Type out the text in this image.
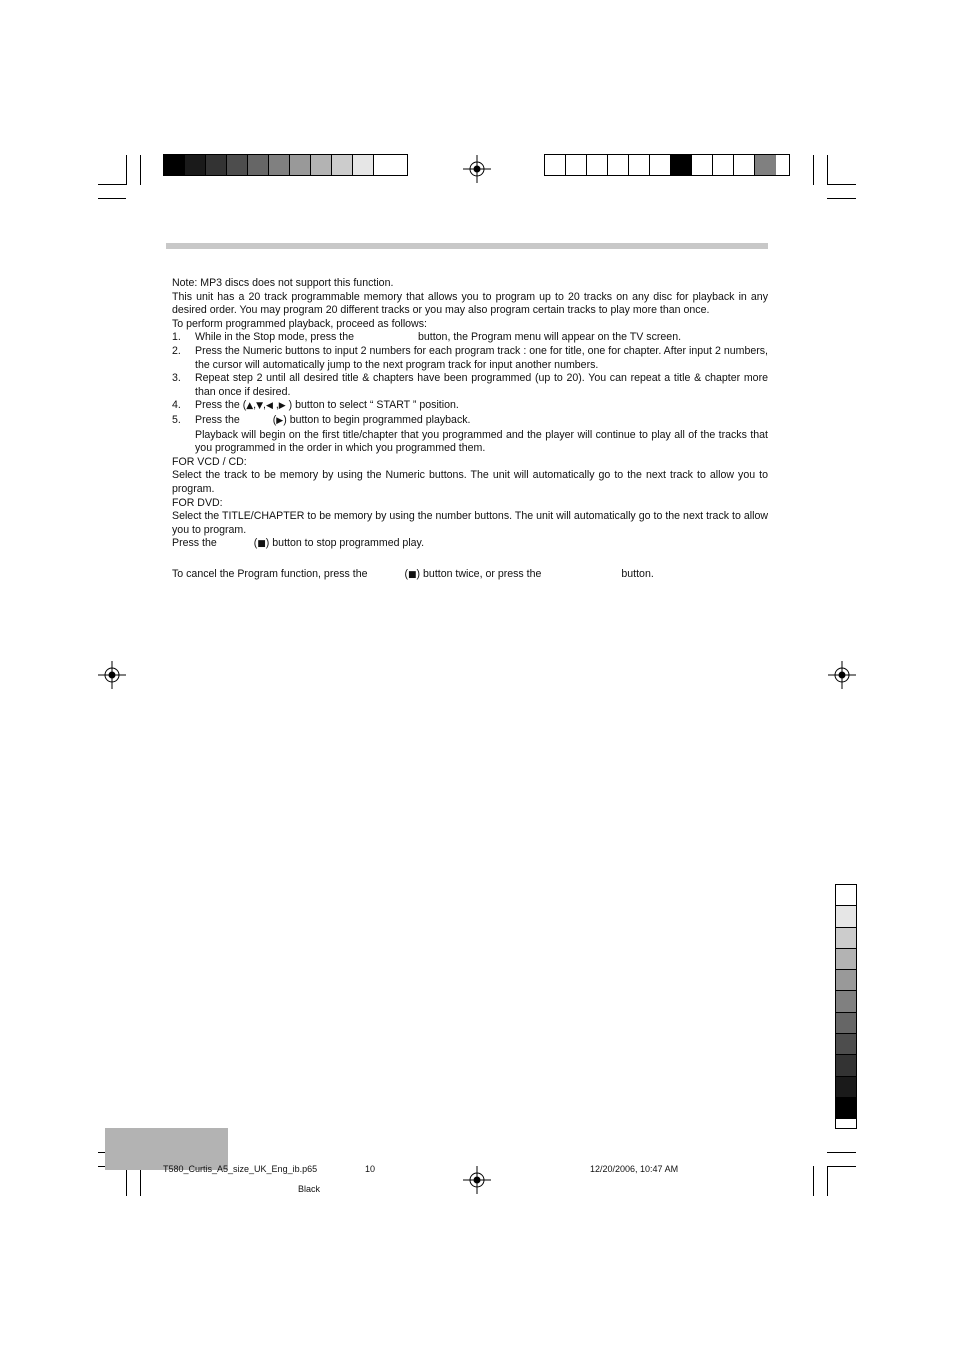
Note: MP3 discs does not support this function.

This unit has a 20 track programmable memory that allows you to program up to 20 tracks on any disc for playback in any desired order. You may program 20 different tracks or you may also program certain tracks to play more than once.

To perform programmed playback, proceed as follows:

1.	While in the Stop mode, press the	button, the Program menu will appear on the TV screen.
2.	Press the Numeric buttons to input 2 numbers for each program track : one for title, one for chapter. After input 2 numbers, the cursor will automatically jump to the next program track for input another numbers.
3.	Repeat step 2 until all desired title & chapters have been programmed (up to 20). You can repeat a title & chapter more than once if desired.
4.	Press the (▲,▼,◀ ,▶ ) button to select “ START ” position.
5.	Press the	(▶) button to begin programmed playback.

Playback will begin on the first title/chapter that you programmed and the player will continue to play all of the tracks that you programmed in the order in which you programmed them.

FOR VCD / CD:

Select the track to be memory by using the Numeric buttons. The unit will automatically go to the next track to allow you to program.

FOR DVD:

Select the TITLE/CHAPTER to be memory by using the number buttons. The unit will automatically go to the next track to allow you to program.

Press the	(■) button to stop programmed play.

To cancel the Program function, press the	(■) button twice, or press the	button.

T580_Curtis_A5_size_UK_Eng_ib.p65	10	12/20/2006, 10:47 AM
Black
